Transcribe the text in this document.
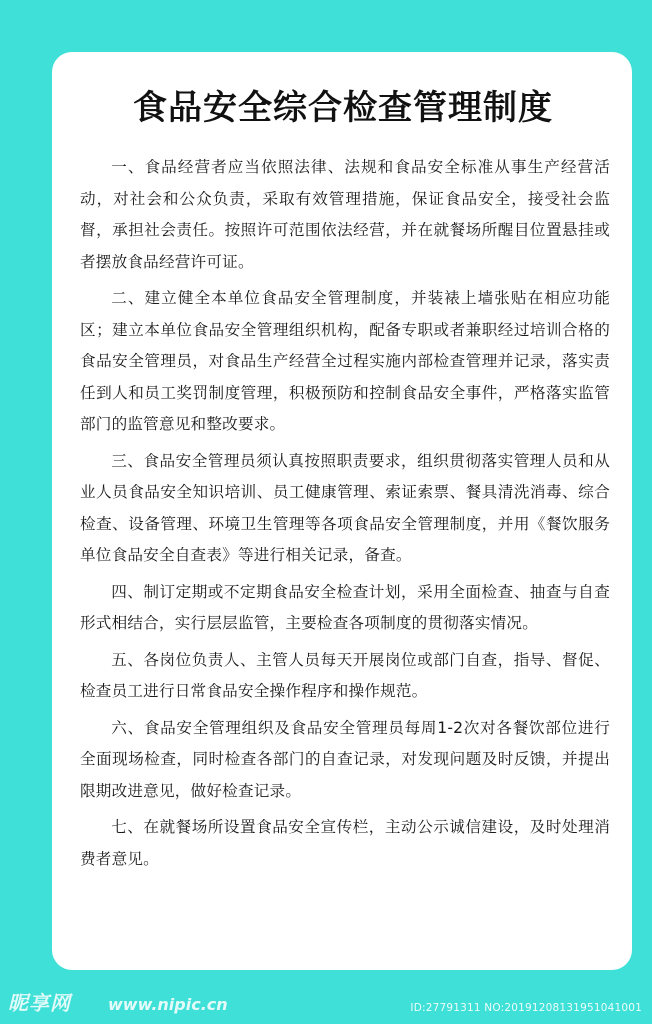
食品安全综合检查管理制度

一、食品经营者应当依照法律、法规和食品安全标准从事生产经营活动，对社会和公众负责，采取有效管理措施，保证食品安全，接受社会监督，承担社会责任。按照许可范围依法经营，并在就餐场所醒目位置悬挂或者摆放食品经营许可证。

二、建立健全本单位食品安全管理制度，并装裱上墙张贴在相应功能区；建立本单位食品安全管理组织机构，配备专职或者兼职经过培训合格的食品安全管理员，对食品生产经营全过程实施内部检查管理并记录，落实责任到人和员工奖罚制度管理，积极预防和控制食品安全事件，严格落实监管部门的监管意见和整改要求。

三、食品安全管理员须认真按照职责要求，组织贯彻落实管理人员和从业人员食品安全知识培训、员工健康管理、索证索票、餐具清洗消毒、综合检查、设备管理、环境卫生管理等各项食品安全管理制度，并用《餐饮服务单位食品安全自查表》等进行相关记录，备查。

四、制订定期或不定期食品安全检查计划，采用全面检查、抽查与自查形式相结合，实行层层监管，主要检查各项制度的贯彻落实情况。

五、各岗位负责人、主管人员每天开展岗位或部门自查，指导、督促、检查员工进行日常食品安全操作程序和操作规范。

六、食品安全管理组织及食品安全管理员每周1-2次对各餐饮部位进行全面现场检查，同时检查各部门的自查记录，对发现问题及时反馈，并提出限期改进意见，做好检查记录。

七、在就餐场所设置食品安全宣传栏，主动公示诚信建设，及时处理消费者意见。

昵享网 www.nipic.cn	ID:27791311 NO:20191208131951041001
